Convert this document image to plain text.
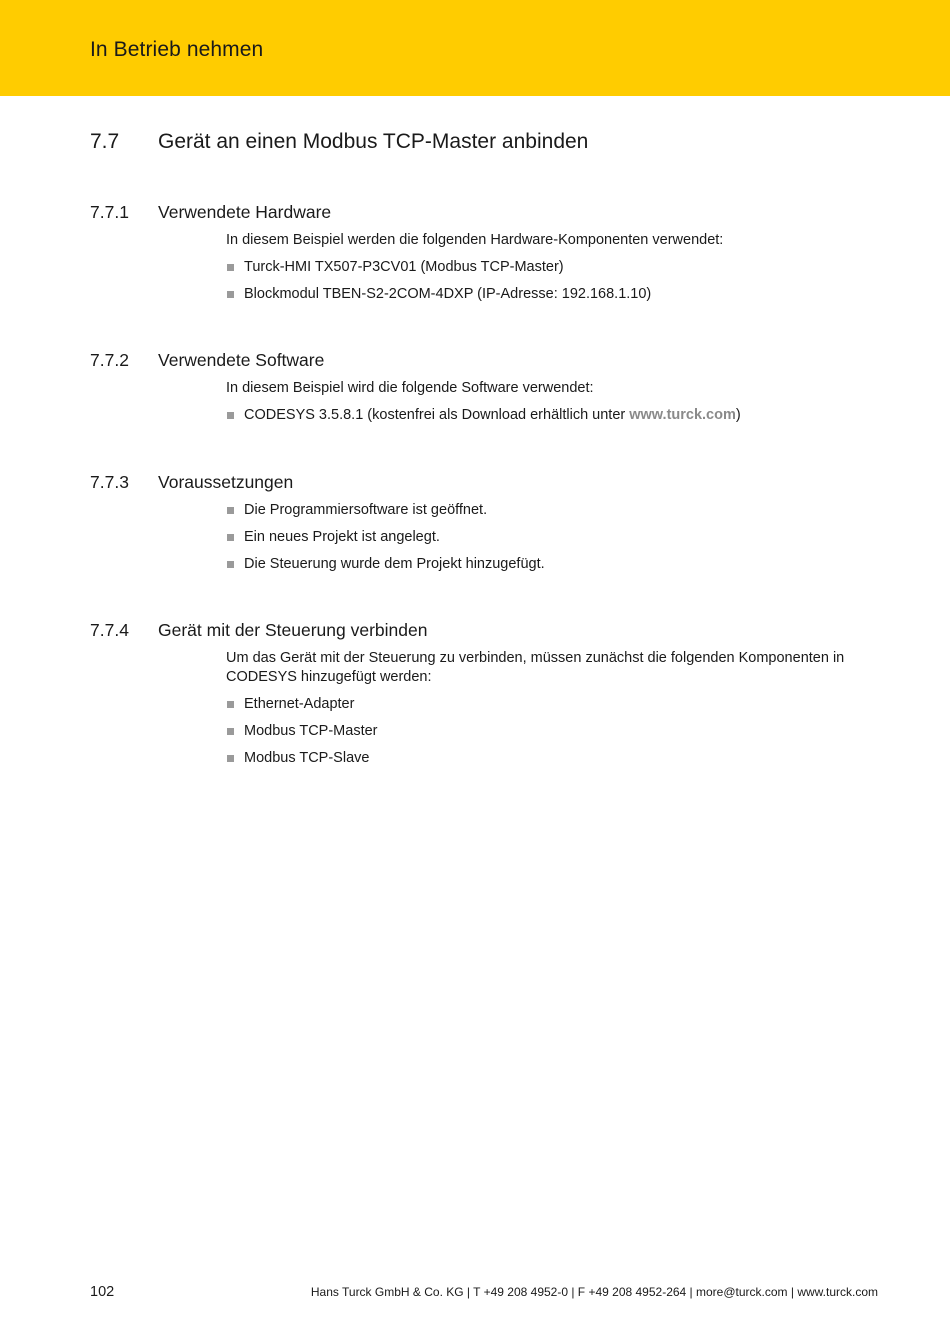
In Betrieb nehmen
7.7 Gerät an einen Modbus TCP-Master anbinden
7.7.1 Verwendete Hardware

In diesem Beispiel werden die folgenden Hardware-Komponenten verwendet:

Turck-HMI TX507-P3CV01 (Modbus TCP-Master)
Blockmodul TBEN-S2-2COM-4DXP (IP-Adresse: 192.168.1.10)
7.7.2 Verwendete Software

In diesem Beispiel wird die folgende Software verwendet:

CODESYS 3.5.8.1 (kostenfrei als Download erhältlich unter www.turck.com)
7.7.3 Voraussetzungen
Die Programmiersoftware ist geöffnet.
Ein neues Projekt ist angelegt.
Die Steuerung wurde dem Projekt hinzugefügt.
7.7.4 Gerät mit der Steuerung verbinden

Um das Gerät mit der Steuerung zu verbinden, müssen zunächst die folgenden Komponenten in
CODESYS hinzugefügt werden:

Ethernet-Adapter
Modbus TCP-Master
Modbus TCP-Slave
102	Hans Turck GmbH & Co. KG | T +49 208 4952-0 | F +49 208 4952-264 | more@turck.com | www.turck.com
